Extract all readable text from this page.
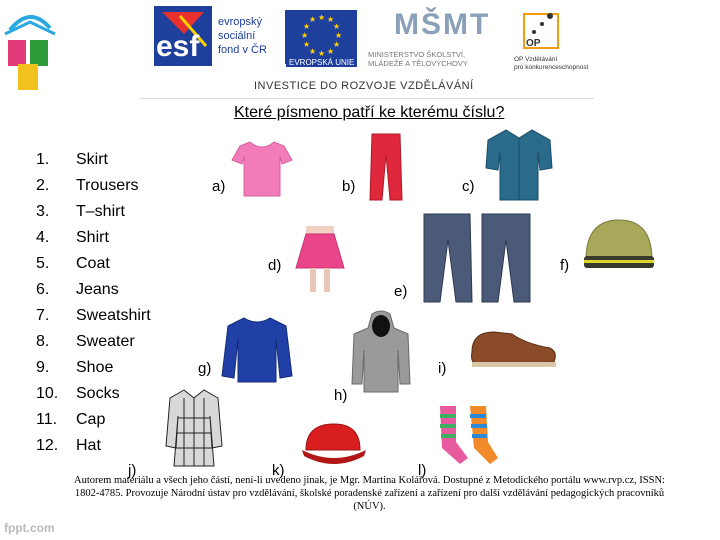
esf
evropský
sociální
fond v ČR
★ ★
★
★
★
★
★
★
★
★
★
★
EVROPSKÁ UNIE
MŠMT
MINISTERSTVO ŠKOLSTVÍ,
MLÁDEŽE A TĚLOVÝCHOVY
OP
OP Vzdělávání
pro konkurenceschopnost
INVESTICE DO ROZVOJE VZDĚLÁVÁNÍ
Které písmeno patří ke kterému číslu?
1. Skirt
2. Trousers
3. T–shirt
4. Shirt
5. Coat
6. Jeans
7. Sweatshirt
8. Sweater
9. Shoe
10. Socks
11. Cap
12. Hat
a)	b)	c)
d)
e)
f)
g)
h)
i)
j)	k)	l)
Autorem materiálu a všech jeho částí, není-li uvedeno jinak, je Mgr. Martina Kolářová. Dostupné z Metodického portálu www.rvp.cz, ISSN: 1802-4785. Provozuje Národní ústav pro vzdělávání, školské poradenské zařízení a zařízení pro další vzdělávání pedagogických pracovníků (NÚV).
fppt.com
